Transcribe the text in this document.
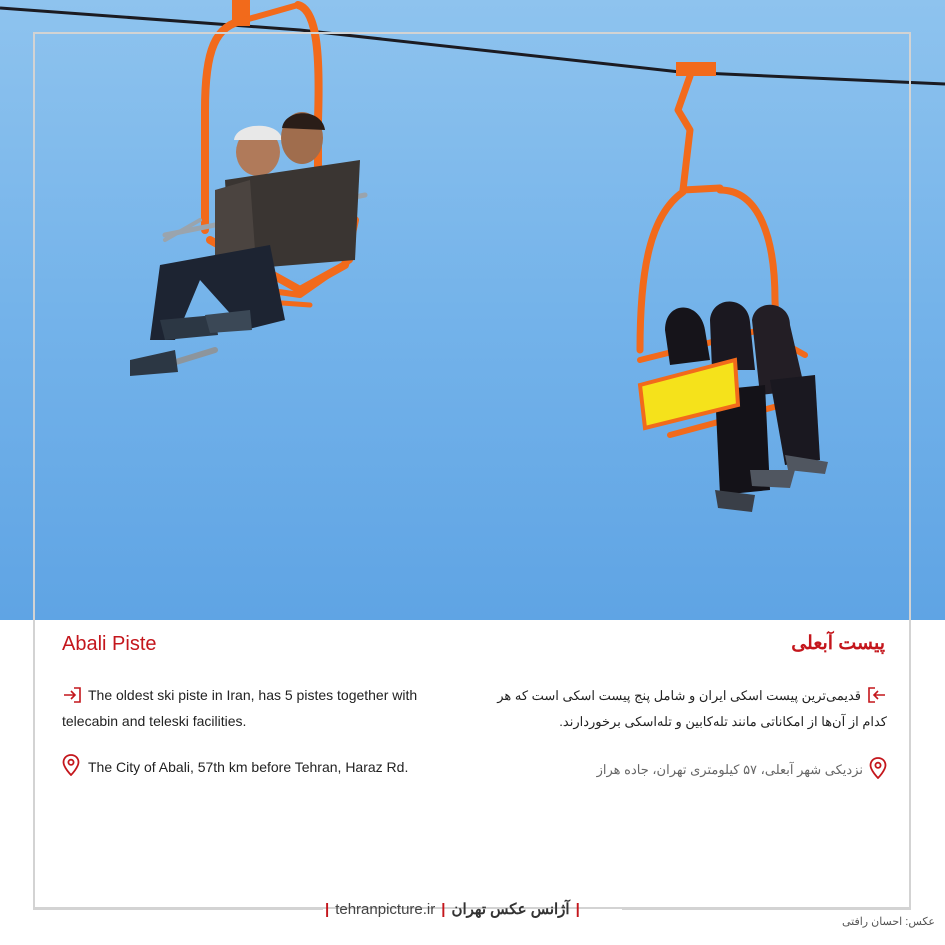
Abali Piste
The oldest ski piste in Iran, has 5 pistes together with telecabin and teleski facilities.
The City of Abali, 57th km before Tehran, Haraz Rd.
پیست آبعلی
قدیمی‌ترین پیست اسکی ایران و شامل پنج پیست اسکی است که هر کدام از آن‌ها از امکاناتی مانند تله‌کابین و تله‌اسکی برخوردارند.
نزدیکی شهر آبعلی، ۵۷ کیلومتری تهران، جاده هراز
| tehranpicture.ir | آژانس عکس تهران |
عکس: احسان رافتی
